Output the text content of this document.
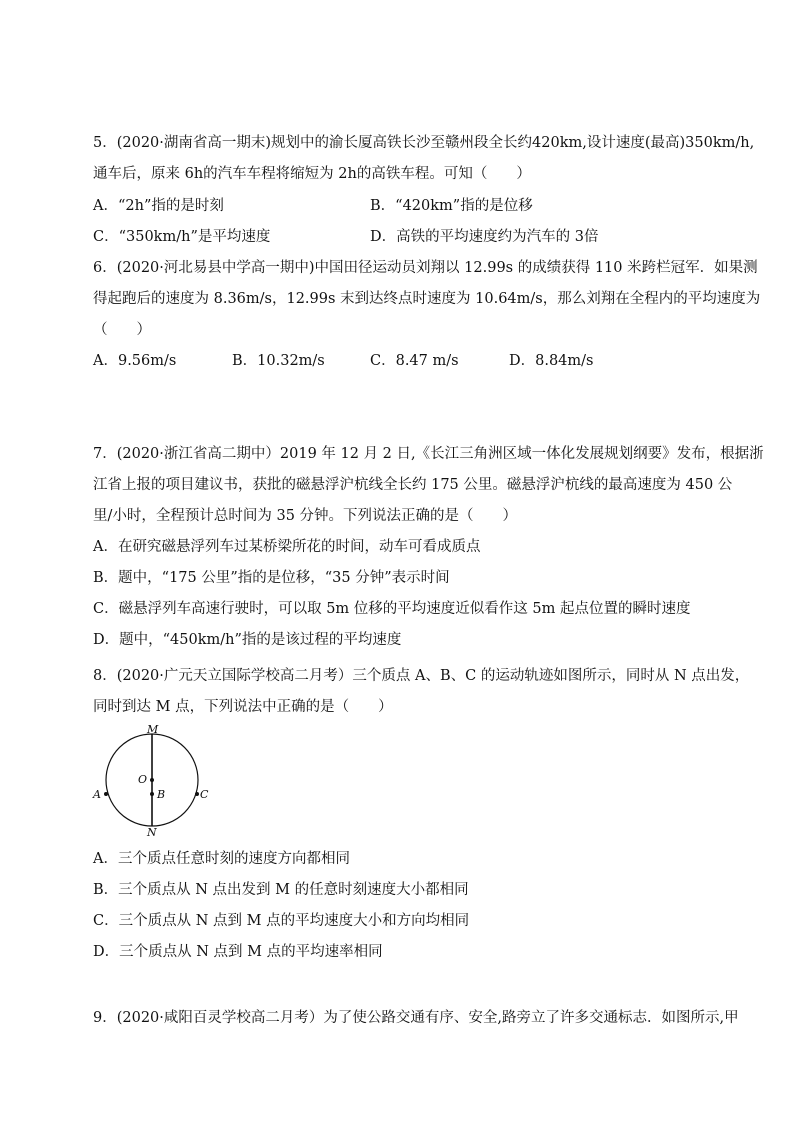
5．(2020·湖南省高一期末)规划中的渝长厦高铁长沙至赣州段全长约420km,设计速度(最高)350km/h,
通车后，原来 6h的汽车车程将缩短为 2h的高铁车程。可知（　　）
A．“2h”指的是时刻	B．“420km”指的是位移
C．“350km/h”是平均速度	D．高铁的平均速度约为汽车的 3倍
6．(2020·河北易县中学高一期中)中国田径运动员刘翔以 12.99s 的成绩获得 110 米跨栏冠军．如果测
得起跑后的速度为 8.36m/s，12.99s 末到达终点时速度为 10.64m/s，那么刘翔在全程内的平均速度为
（　　）
A．9.56m/s	B．10.32m/s	C．8.47 m/s	D．8.84m/s
7．(2020·浙江省高二期中）2019 年 12 月 2 日,《长江三角洲区域一体化发展规划纲要》发布，根据浙
江省上报的项目建议书，获批的磁悬浮沪杭线全长约 175 公里。磁悬浮沪杭线的最高速度为 450 公
里/小时，全程预计总时间为 35 分钟。下列说法正确的是（　　）
A．在研究磁悬浮列车过某桥梁所花的时间，动车可看成质点
B．题中，“175 公里”指的是位移，“35 分钟”表示时间
C．磁悬浮列车高速行驶时，可以取 5m 位移的平均速度近似看作这 5m 起点位置的瞬时速度
D．题中，“450km/h”指的是该过程的平均速度
8．(2020·广元天立国际学校高二月考）三个质点 A、B、C 的运动轨迹如图所示，同时从 N 点出发，
同时到达 M 点，下列说法中正确的是（　　）
M
O
B
A	C
N
A．三个质点任意时刻的速度方向都相同
B．三个质点从 N 点出发到 M 的任意时刻速度大小都相同
C．三个质点从 N 点到 M 点的平均速度大小和方向均相同
D．三个质点从 N 点到 M 点的平均速率相同
9．(2020·咸阳百灵学校高二月考）为了使公路交通有序、安全,路旁立了许多交通标志．如图所示,甲
